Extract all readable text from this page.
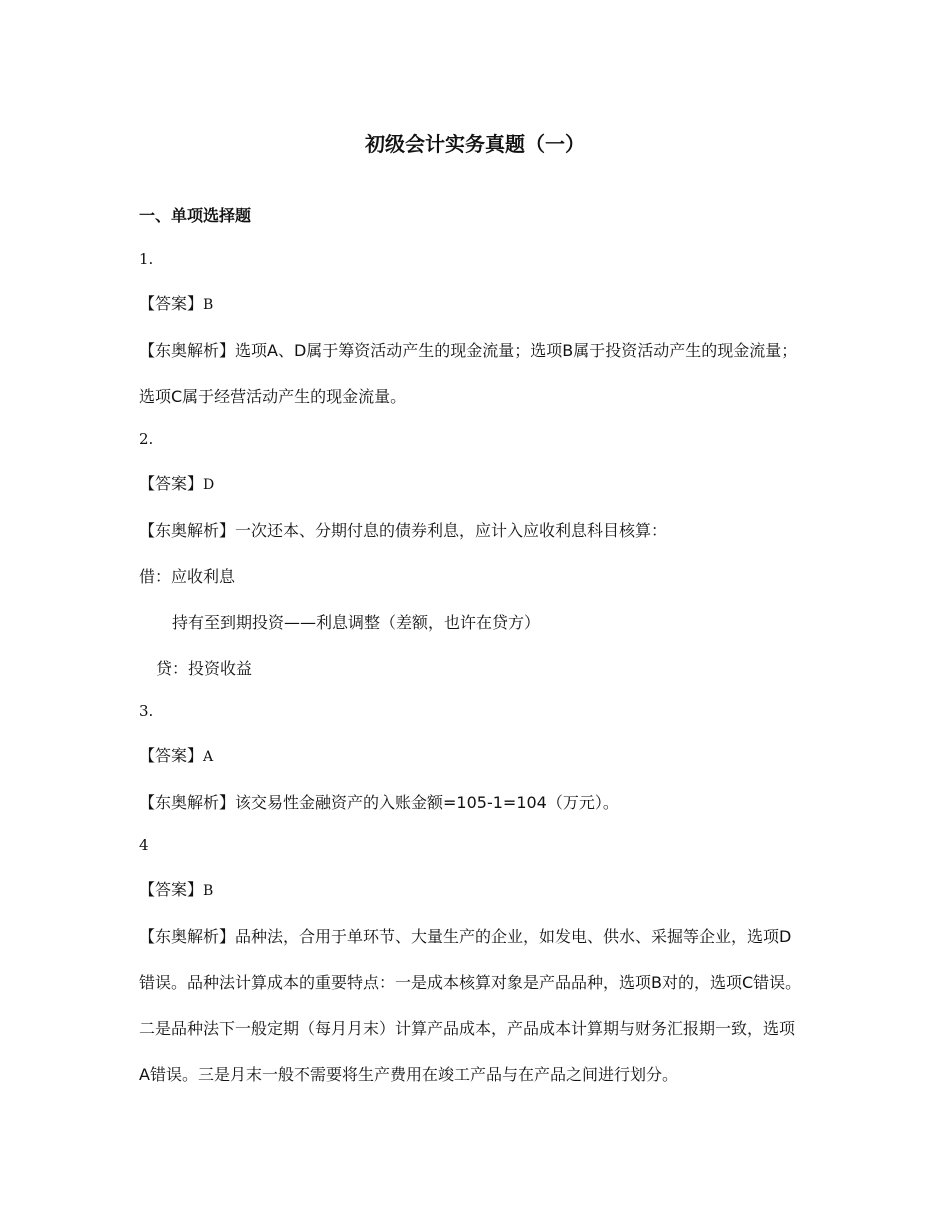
初级会计实务真题（一）
一、单项选择题
1.
【答案】B
【东奥解析】选项A、D属于筹资活动产生的现金流量；选项B属于投资活动产生的现金流量；
选项C属于经营活动产生的现金流量。
2.
【答案】D
【东奥解析】一次还本、分期付息的债券利息，应计入应收利息科目核算：
借：应收利息
持有至到期投资——利息调整（差额，也许在贷方）
贷：投资收益
3.
【答案】A
【东奥解析】该交易性金融资产的入账金额=105-1=104（万元）。
4
【答案】B
【东奥解析】品种法，合用于单环节、大量生产的企业，如发电、供水、采掘等企业，选项D
错误。品种法计算成本的重要特点：一是成本核算对象是产品品种，选项B对的，选项C错误。
二是品种法下一般定期（每月月末）计算产品成本，产品成本计算期与财务汇报期一致，选项
A错误。三是月末一般不需要将生产费用在竣工产品与在产品之间进行划分。
